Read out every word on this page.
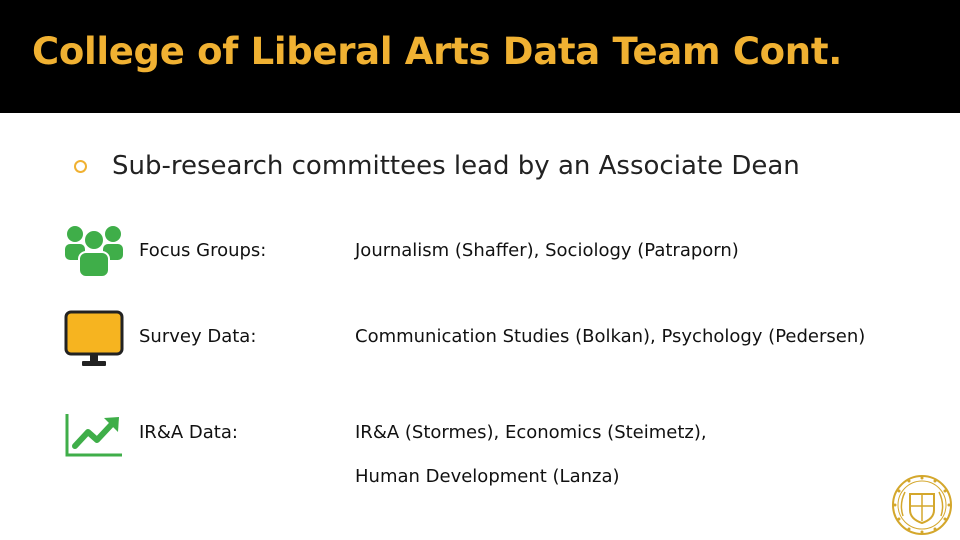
College of Liberal Arts Data Team Cont.
Sub-research committees lead by an Associate Dean
Focus Groups:	Journalism (Shaffer), Sociology (Patraporn)
Survey Data:	Communication Studies (Bolkan), Psychology (Pedersen)
IR&A Data:	IR&A (Stormes), Economics (Steimetz),
Human Development (Lanza)
